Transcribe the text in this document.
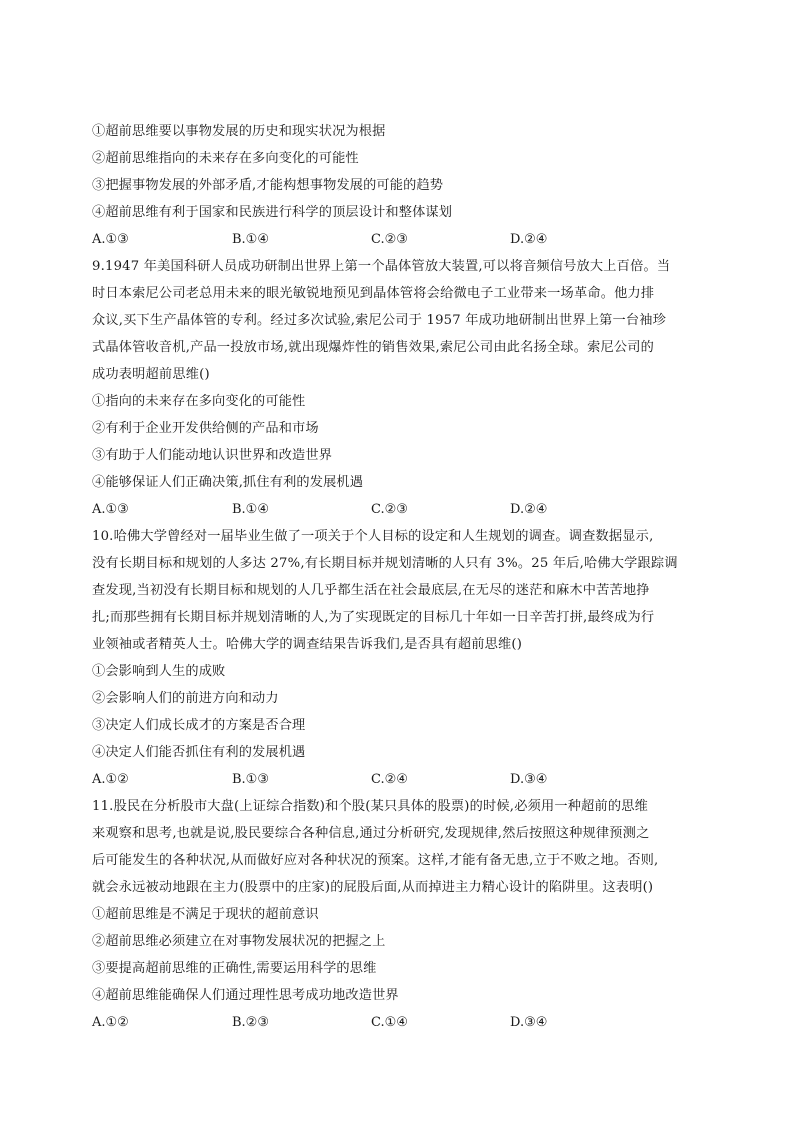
①超前思维要以事物发展的历史和现实状况为根据
②超前思维指向的未来存在多向变化的可能性
③把握事物发展的外部矛盾,才能构想事物发展的可能的趋势
④超前思维有利于国家和民族进行科学的顶层设计和整体谋划
A.①③	B.①④	C.②③	D.②④
9.1947 年美国科研人员成功研制出世界上第一个晶体管放大装置,可以将音频信号放大上百倍。当
时日本索尼公司老总用未来的眼光敏锐地预见到晶体管将会给微电子工业带来一场革命。他力排
众议,买下生产晶体管的专利。经过多次试验,索尼公司于 1957 年成功地研制出世界上第一台袖珍
式晶体管收音机,产品一投放市场,就出现爆炸性的销售效果,索尼公司由此名扬全球。索尼公司的
成功表明超前思维()
①指向的未来存在多向变化的可能性
②有利于企业开发供给侧的产品和市场
③有助于人们能动地认识世界和改造世界
④能够保证人们正确决策,抓住有利的发展机遇
A.①③	B.①④	C.②③	D.②④
10.哈佛大学曾经对一届毕业生做了一项关于个人目标的设定和人生规划的调查。调查数据显示,
没有长期目标和规划的人多达 27%,有长期目标并规划清晰的人只有 3%。25 年后,哈佛大学跟踪调
查发现,当初没有长期目标和规划的人几乎都生活在社会最底层,在无尽的迷茫和麻木中苦苦地挣
扎;而那些拥有长期目标并规划清晰的人,为了实现既定的目标几十年如一日辛苦打拼,最终成为行
业领袖或者精英人士。哈佛大学的调查结果告诉我们,是否具有超前思维()
①会影响到人生的成败
②会影响人们的前进方向和动力
③决定人们成长成才的方案是否合理
④决定人们能否抓住有利的发展机遇
A.①②	B.①③	C.②④	D.③④
11.股民在分析股市大盘(上证综合指数)和个股(某只具体的股票)的时候,必须用一种超前的思维
来观察和思考,也就是说,股民要综合各种信息,通过分析研究,发现规律,然后按照这种规律预测之
后可能发生的各种状况,从而做好应对各种状况的预案。这样,才能有备无患,立于不败之地。否则,
就会永远被动地跟在主力(股票中的庄家)的屁股后面,从而掉进主力精心设计的陷阱里。这表明()
①超前思维是不满足于现状的超前意识
②超前思维必须建立在对事物发展状况的把握之上
③要提高超前思维的正确性,需要运用科学的思维
④超前思维能确保人们通过理性思考成功地改造世界
A.①②	B.②③	C.①④	D.③④
